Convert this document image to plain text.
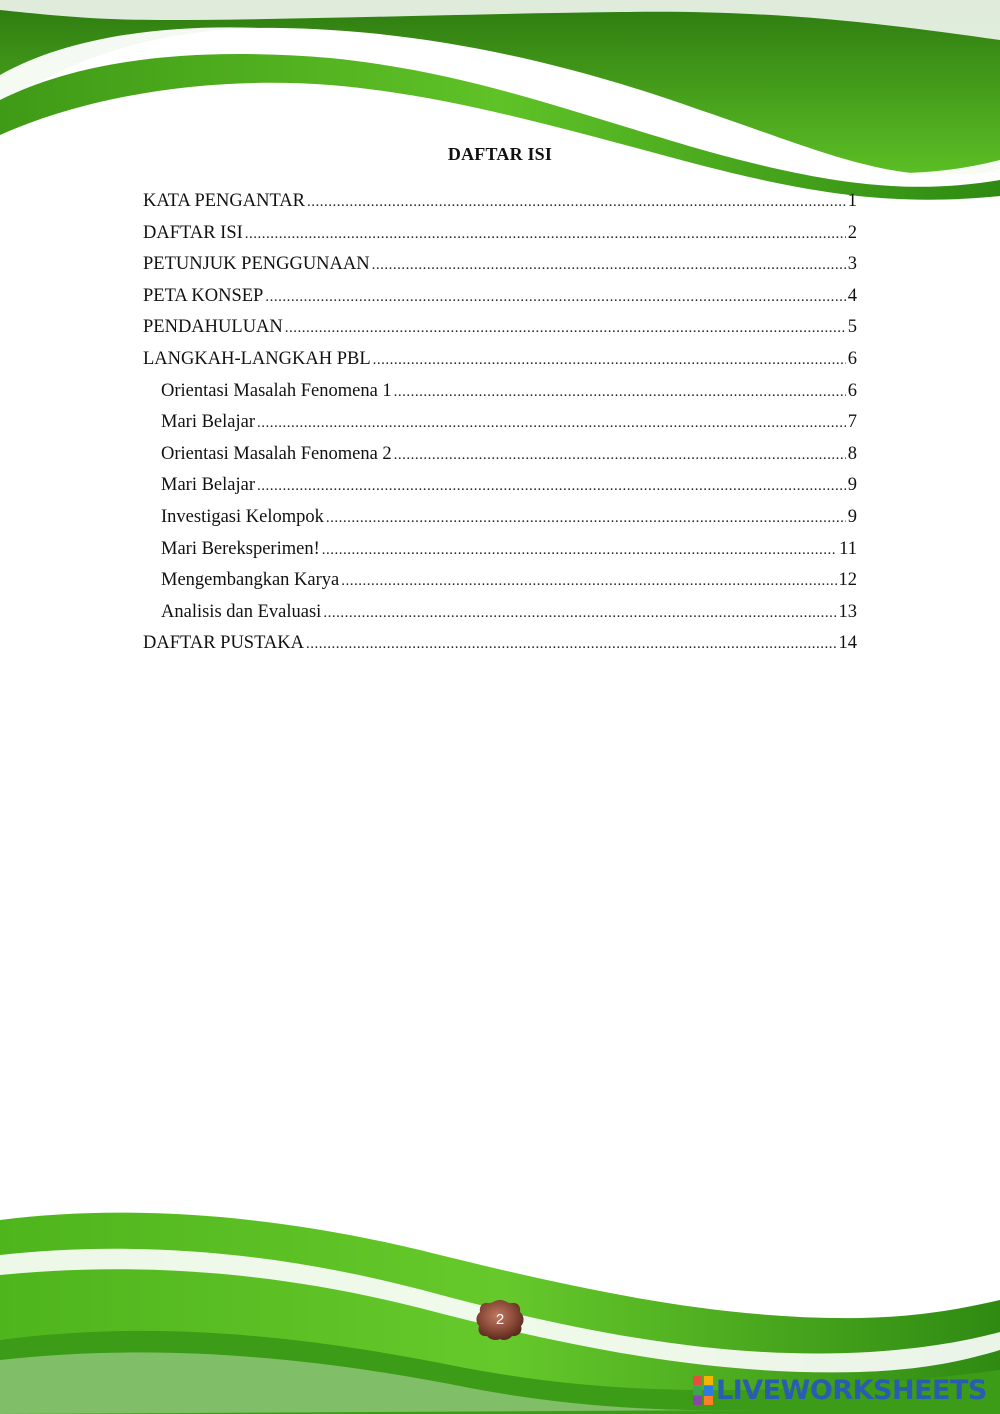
DAFTAR ISI
KATA PENGANTAR .....	1
DAFTAR ISI .....	2
PETUNJUK PENGGUNAAN .....	3
PETA KONSEP .....	4
PENDAHULUAN .....	5
LANGKAH-LANGKAH PBL .....	6
Orientasi Masalah Fenomena 1 .....	6
Mari Belajar .....	7
Orientasi Masalah Fenomena 2 .....	8
Mari Belajar .....	9
Investigasi Kelompok .....	9
Mari Bereksperimen! .....	11
Mengembangkan Karya .....	12
Analisis dan Evaluasi .....	13
DAFTAR PUSTAKA .....	14
2
LIVEWORKSHEETS
